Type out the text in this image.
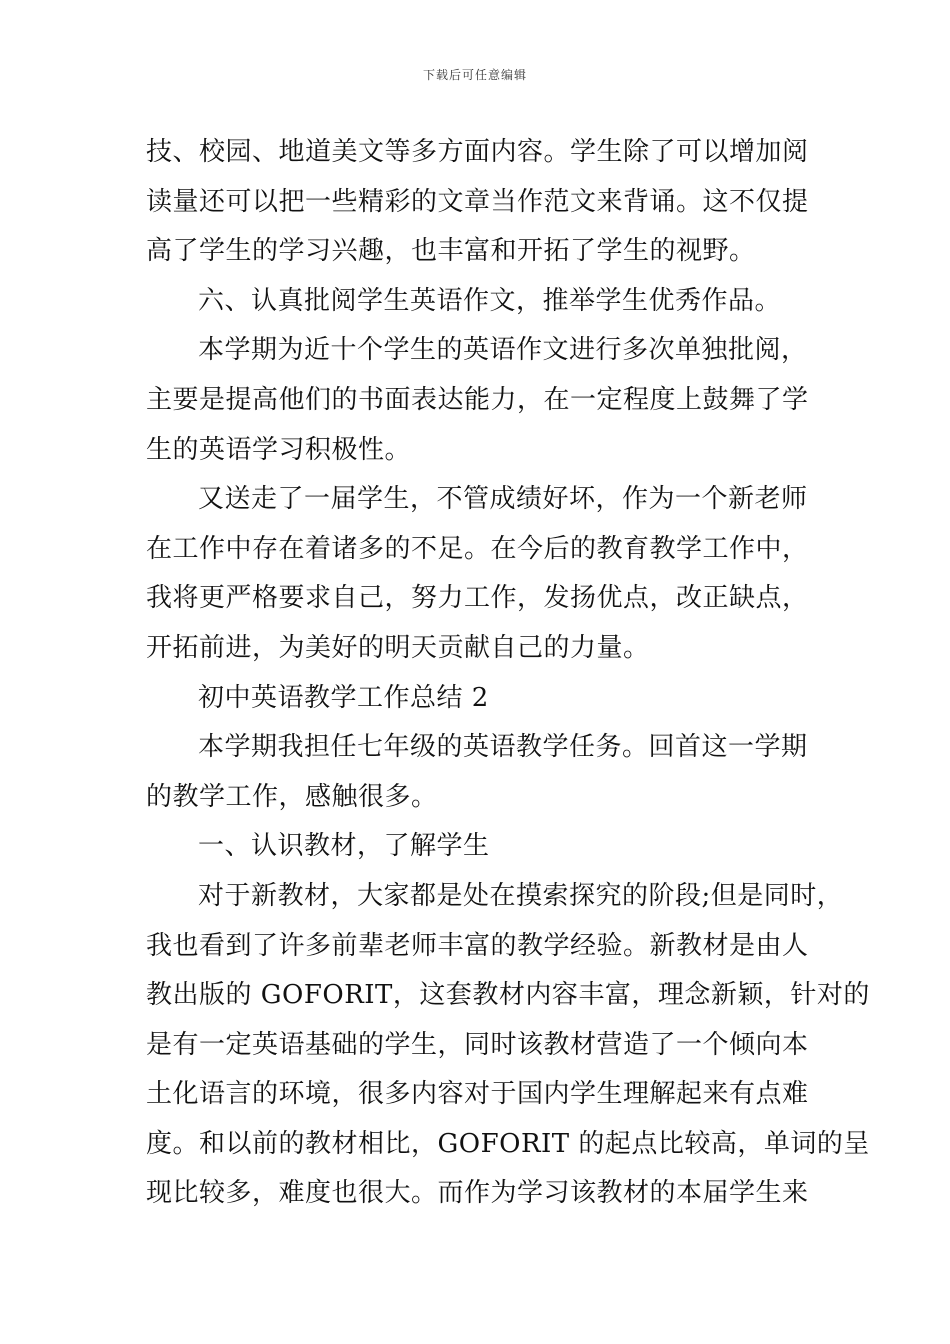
下载后可任意编辑
技、校园、地道美文等多方面内容。学生除了可以增加阅
读量还可以把一些精彩的文章当作范文来背诵。这不仅提
高了学生的学习兴趣，也丰富和开拓了学生的视野。
六、认真批阅学生英语作文，推举学生优秀作品。
本学期为近十个学生的英语作文进行多次单独批阅，
主要是提高他们的书面表达能力，在一定程度上鼓舞了学
生的英语学习积极性。
又送走了一届学生，不管成绩好坏，作为一个新老师
在工作中存在着诸多的不足。在今后的教育教学工作中，
我将更严格要求自己，努力工作，发扬优点，改正缺点，
开拓前进，为美好的明天贡献自己的力量。
初中英语教学工作总结 2
本学期我担任七年级的英语教学任务。回首这一学期
的教学工作，感触很多。
一、认识教材，了解学生
对于新教材，大家都是处在摸索探究的阶段;但是同时，
我也看到了许多前辈老师丰富的教学经验。新教材是由人
教出版的 GOFORIT，这套教材内容丰富，理念新颖，针对的
是有一定英语基础的学生，同时该教材营造了一个倾向本
土化语言的环境，很多内容对于国内学生理解起来有点难
度。和以前的教材相比，GOFORIT 的起点比较高，单词的呈
现比较多，难度也很大。而作为学习该教材的本届学生来
